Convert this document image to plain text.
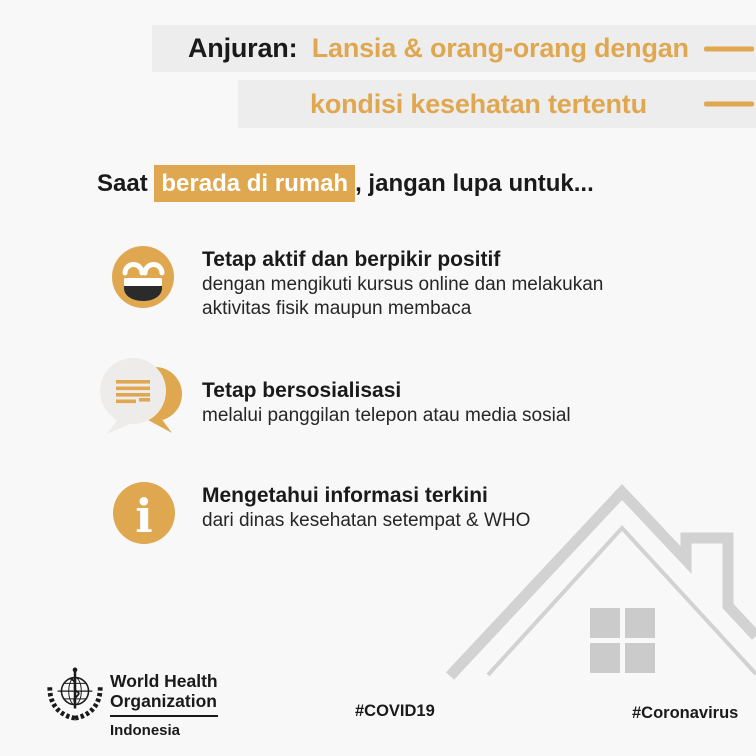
Anjuran: Lansia & orang-orang dengan
kondisi kesehatan tertentu
Saat berada di rumah , jangan lupa untuk...
Tetap aktif dan berpikir positif
dengan mengikuti kursus online dan melakukan aktivitas fisik maupun membaca
Tetap bersosialisasi
melalui panggilan telepon atau media sosial
i Mengetahui informasi terkini
dari dinas kesehatan setempat & WHO
World Health
Organization
Indonesia
#COVID19	#Coronavirus
